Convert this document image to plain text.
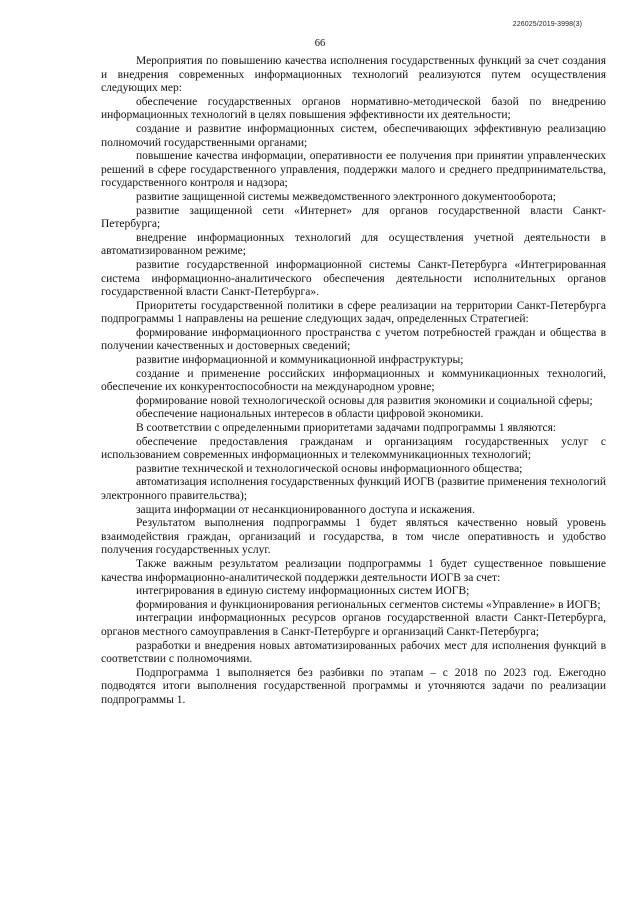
226025/2019-3998(3)
66

Мероприятия по повышению качества исполнения государственных функций за счет создания и внедрения современных информационных технологий реализуются путем осуществления следующих мер:

обеспечение государственных органов нормативно-методической базой по внедрению информационных технологий в целях повышения эффективности их деятельности;

создание и развитие информационных систем, обеспечивающих эффективную реализацию полномочий государственными органами;

повышение качества информации, оперативности ее получения при принятии управленческих решений в сфере государственного управления, поддержки малого и среднего предпринимательства, государственного контроля и надзора;

развитие защищенной системы межведомственного электронного документооборота;

развитие защищенной сети «Интернет» для органов государственной власти Санкт-Петербурга;

внедрение информационных технологий для осуществления учетной деятельности в автоматизированном режиме;

развитие государственной информационной системы Санкт-Петербурга «Интегрированная система информационно-аналитического обеспечения деятельности исполнительных органов государственной власти Санкт-Петербурга».

Приоритеты государственной политики в сфере реализации на территории Санкт-Петербурга подпрограммы 1 направлены на решение следующих задач, определенных Стратегией:

формирование информационного пространства с учетом потребностей граждан и общества в получении качественных и достоверных сведений;

развитие информационной и коммуникационной инфраструктуры;

создание и применение российских информационных и коммуникационных технологий, обеспечение их конкурентоспособности на международном уровне;

формирование новой технологической основы для развития экономики и социальной сферы;

обеспечение национальных интересов в области цифровой экономики.

В соответствии с определенными приоритетами задачами подпрограммы 1 являются:

обеспечение предоставления гражданам и организациям государственных услуг с использованием современных информационных и телекоммуникационных технологий;

развитие технической и технологической основы информационного общества;

автоматизация исполнения государственных функций ИОГВ (развитие применения технологий электронного правительства);

защита информации от несанкционированного доступа и искажения.

Результатом выполнения подпрограммы 1 будет являться качественно новый уровень взаимодействия граждан, организаций и государства, в том числе оперативность и удобство получения государственных услуг.

Также важным результатом реализации подпрограммы 1 будет существенное повышение качества информационно-аналитической поддержки деятельности ИОГВ за счет:

интегрирования в единую систему информационных систем ИОГВ;

формирования и функционирования региональных сегментов системы «Управление» в ИОГВ;

интеграции информационных ресурсов органов государственной власти Санкт-Петербурга, органов местного самоуправления в Санкт-Петербурге и организаций Санкт-Петербурга;

разработки и внедрения новых автоматизированных рабочих мест для исполнения функций в соответствии с полномочиями.

Подпрограмма 1 выполняется без разбивки по этапам – с 2018 по 2023 год. Ежегодно подводятся итоги выполнения государственной программы и уточняются задачи по реализации подпрограммы 1.
